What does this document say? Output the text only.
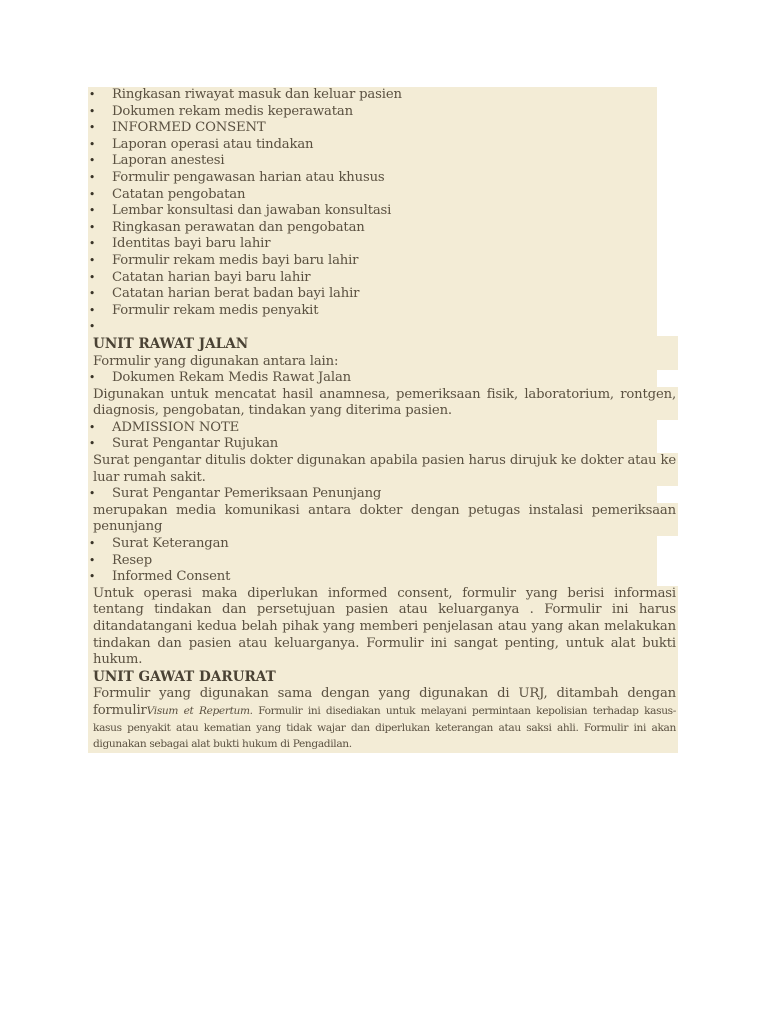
• Ringkasan riwayat masuk dan keluar pasien
• Dokumen rekam medis keperawatan
• INFORMED CONSENT
• Laporan operasi atau tindakan
• Laporan anestesi
• Formulir pengawasan harian atau khusus
• Catatan pengobatan
• Lembar konsultasi dan jawaban konsultasi
• Ringkasan perawatan dan pengobatan
• Identitas bayi baru lahir
• Formulir rekam medis bayi baru lahir
• Catatan harian bayi baru lahir
• Catatan harian berat badan bayi lahir
• Formulir rekam medis penyakit
•
UNIT RAWAT JALAN
Formulir yang digunakan antara lain:
• Dokumen Rekam Medis Rawat Jalan
Digunakan untuk mencatat hasil anamnesa, pemeriksaan fisik, laboratorium, rontgen, diagnosis, pengobatan, tindakan yang diterima pasien.
• ADMISSION NOTE
• Surat Pengantar Rujukan
Surat pengantar ditulis dokter digunakan apabila pasien harus dirujuk ke dokter atau ke luar rumah sakit.
• Surat Pengantar Pemeriksaan Penunjang
merupakan media komunikasi antara dokter dengan petugas instalasi pemeriksaan penunjang
• Surat Keterangan
• Resep
• Informed Consent
Untuk operasi maka diperlukan informed consent, formulir yang berisi informasi tentang tindakan dan persetujuan pasien atau keluarganya . Formulir ini harus ditandatangani kedua belah pihak yang memberi penjelasan atau yang akan melakukan tindakan dan pasien atau keluarganya. Formulir ini sangat penting, untuk alat bukti hukum.
UNIT GAWAT DARURAT
Formulir yang digunakan sama dengan yang digunakan di URJ, ditambah dengan formulirVisum et Repertum. Formulir ini disediakan untuk melayani permintaan kepolisian terhadap kasus-kasus penyakit atau kematian yang tidak wajar dan diperlukan keterangan atau saksi ahli. Formulir ini akan digunakan sebagai alat bukti hukum di Pengadilan.
